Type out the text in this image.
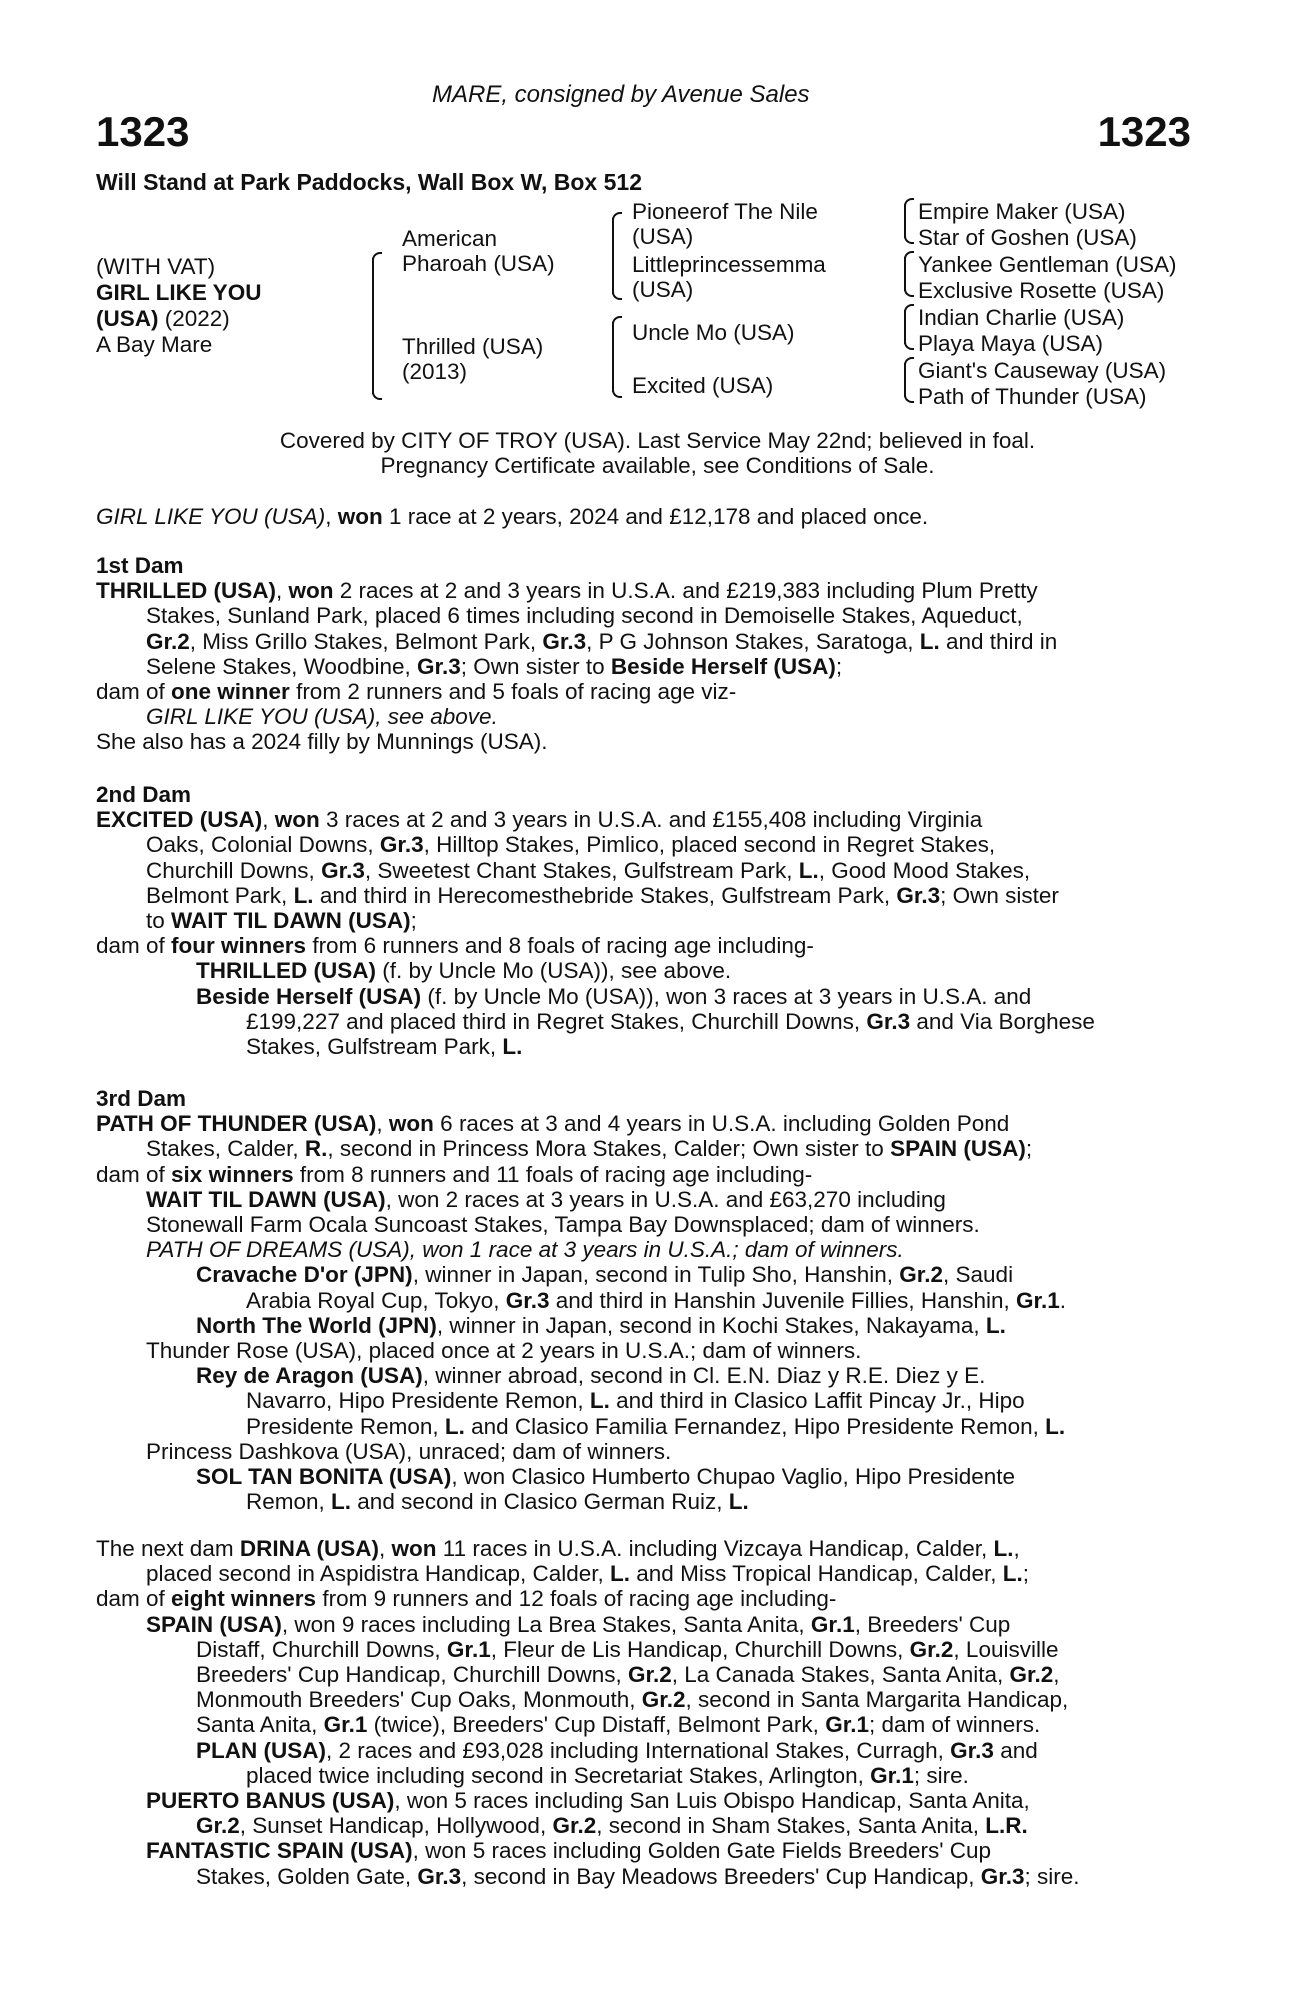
MARE, consigned by Avenue Sales
1323	1323
Will Stand at Park Paddocks, Wall Box W, Box 512
(WITH VAT)
GIRL LIKE YOU
(USA) (2022)
A Bay Mare
American
Pharoah (USA)
Thrilled (USA)
(2013)
Pioneerof The Nile
(USA)
Littleprincessemma
(USA)
Uncle Mo (USA)
Excited (USA)
Empire Maker (USA)
Star of Goshen (USA)
Yankee Gentleman (USA)
Exclusive Rosette (USA)
Indian Charlie (USA)
Playa Maya (USA)
Giant's Causeway (USA)
Path of Thunder (USA)
Covered by CITY OF TROY (USA). Last Service May 22nd; believed in foal.
Pregnancy Certificate available, see Conditions of Sale.
GIRL LIKE YOU (USA), won 1 race at 2 years, 2024 and £12,178 and placed once.
1st Dam
THRILLED (USA), won 2 races at 2 and 3 years in U.S.A. and £219,383 including Plum Pretty
Stakes, Sunland Park, placed 6 times including second in Demoiselle Stakes, Aqueduct,
Gr.2, Miss Grillo Stakes, Belmont Park, Gr.3, P G Johnson Stakes, Saratoga, L. and third in
Selene Stakes, Woodbine, Gr.3; Own sister to Beside Herself (USA);
dam of one winner from 2 runners and 5 foals of racing age viz-
GIRL LIKE YOU (USA), see above.
She also has a 2024 filly by Munnings (USA).
2nd Dam
EXCITED (USA), won 3 races at 2 and 3 years in U.S.A. and £155,408 including Virginia
Oaks, Colonial Downs, Gr.3, Hilltop Stakes, Pimlico, placed second in Regret Stakes,
Churchill Downs, Gr.3, Sweetest Chant Stakes, Gulfstream Park, L., Good Mood Stakes,
Belmont Park, L. and third in Herecomesthebride Stakes, Gulfstream Park, Gr.3; Own sister
to WAIT TIL DAWN (USA);
dam of four winners from 6 runners and 8 foals of racing age including-
THRILLED (USA) (f. by Uncle Mo (USA)), see above.
Beside Herself (USA) (f. by Uncle Mo (USA)), won 3 races at 3 years in U.S.A. and
£199,227 and placed third in Regret Stakes, Churchill Downs, Gr.3 and Via Borghese
Stakes, Gulfstream Park, L.
3rd Dam
PATH OF THUNDER (USA), won 6 races at 3 and 4 years in U.S.A. including Golden Pond
Stakes, Calder, R., second in Princess Mora Stakes, Calder; Own sister to SPAIN (USA);
dam of six winners from 8 runners and 11 foals of racing age including-
WAIT TIL DAWN (USA), won 2 races at 3 years in U.S.A. and £63,270 including
Stonewall Farm Ocala Suncoast Stakes, Tampa Bay Downsplaced; dam of winners.
PATH OF DREAMS (USA), won 1 race at 3 years in U.S.A.; dam of winners.
Cravache D'or (JPN), winner in Japan, second in Tulip Sho, Hanshin, Gr.2, Saudi
Arabia Royal Cup, Tokyo, Gr.3 and third in Hanshin Juvenile Fillies, Hanshin, Gr.1.
North The World (JPN), winner in Japan, second in Kochi Stakes, Nakayama, L.
Thunder Rose (USA), placed once at 2 years in U.S.A.; dam of winners.
Rey de Aragon (USA), winner abroad, second in Cl. E.N. Diaz y R.E. Diez y E.
Navarro, Hipo Presidente Remon, L. and third in Clasico Laffit Pincay Jr., Hipo
Presidente Remon, L. and Clasico Familia Fernandez, Hipo Presidente Remon, L.
Princess Dashkova (USA), unraced; dam of winners.
SOL TAN BONITA (USA), won Clasico Humberto Chupao Vaglio, Hipo Presidente
Remon, L. and second in Clasico German Ruiz, L.
The next dam DRINA (USA), won 11 races in U.S.A. including Vizcaya Handicap, Calder, L.,
placed second in Aspidistra Handicap, Calder, L. and Miss Tropical Handicap, Calder, L.;
dam of eight winners from 9 runners and 12 foals of racing age including-
SPAIN (USA), won 9 races including La Brea Stakes, Santa Anita, Gr.1, Breeders' Cup
Distaff, Churchill Downs, Gr.1, Fleur de Lis Handicap, Churchill Downs, Gr.2, Louisville
Breeders' Cup Handicap, Churchill Downs, Gr.2, La Canada Stakes, Santa Anita, Gr.2,
Monmouth Breeders' Cup Oaks, Monmouth, Gr.2, second in Santa Margarita Handicap,
Santa Anita, Gr.1 (twice), Breeders' Cup Distaff, Belmont Park, Gr.1; dam of winners.
PLAN (USA), 2 races and £93,028 including International Stakes, Curragh, Gr.3 and
placed twice including second in Secretariat Stakes, Arlington, Gr.1; sire.
PUERTO BANUS (USA), won 5 races including San Luis Obispo Handicap, Santa Anita,
Gr.2, Sunset Handicap, Hollywood, Gr.2, second in Sham Stakes, Santa Anita, L.R.
FANTASTIC SPAIN (USA), won 5 races including Golden Gate Fields Breeders' Cup
Stakes, Golden Gate, Gr.3, second in Bay Meadows Breeders' Cup Handicap, Gr.3; sire.
